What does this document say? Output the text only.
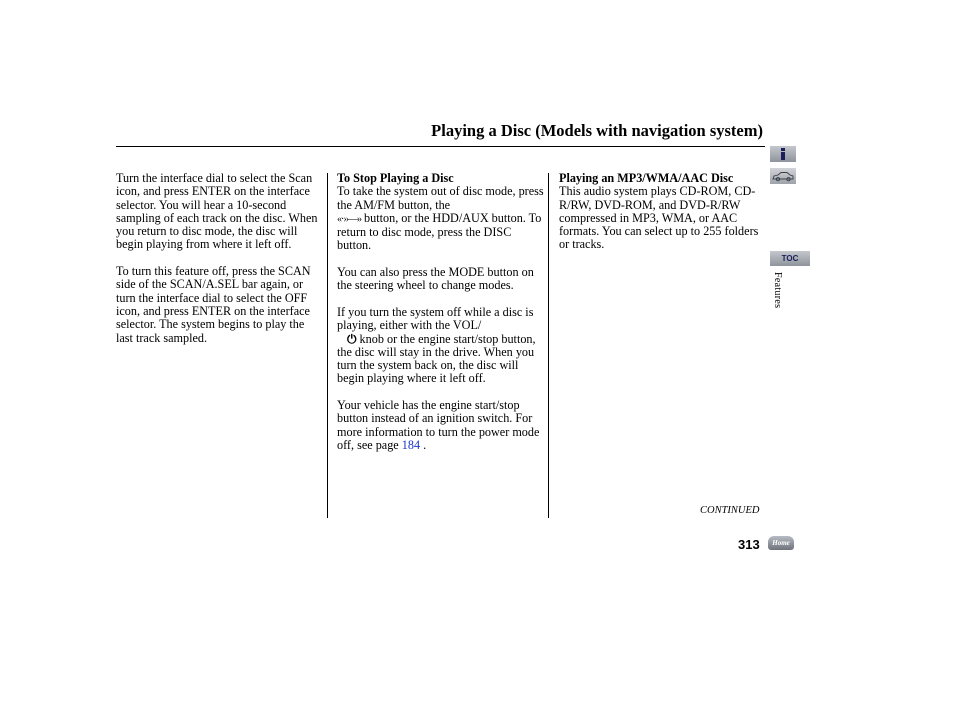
Playing a Disc (Models with navigation system)

Turn the interface dial to select the Scan icon, and press ENTER on the interface selector. You will hear a 10-second sampling of each track on the disc. When you return to disc mode, the disc will begin playing from where it left off.

To turn this feature off, press the SCAN side of the SCAN/A.SEL bar again, or turn the interface dial to select the OFF icon, and press ENTER on the interface selector. The system begins to play the last track sampled.

To Stop Playing a Disc

To take the system out of disc mode, press the AM/FM button, the
«·››—» button, or the HDD/AUX button. To return to disc mode, press the DISC button.

You can also press the MODE button on the steering wheel to change modes.

If you turn the system off while a disc is playing, either with the VOL/
⏻ knob or the engine start/stop button, the disc will stay in the drive. When you turn the system back on, the disc will begin playing where it left off.

Your vehicle has the engine start/stop button instead of an ignition switch. For more information to turn the power mode off, see page 184 .

Playing an MP3/WMA/AAC Disc

This audio system plays CD-ROM, CD-R/RW, DVD-ROM, and DVD-R/RW compressed in MP3, WMA, or AAC formats. You can select up to 255 folders or tracks.

CONTINUED
313	Home
TOC
Features
